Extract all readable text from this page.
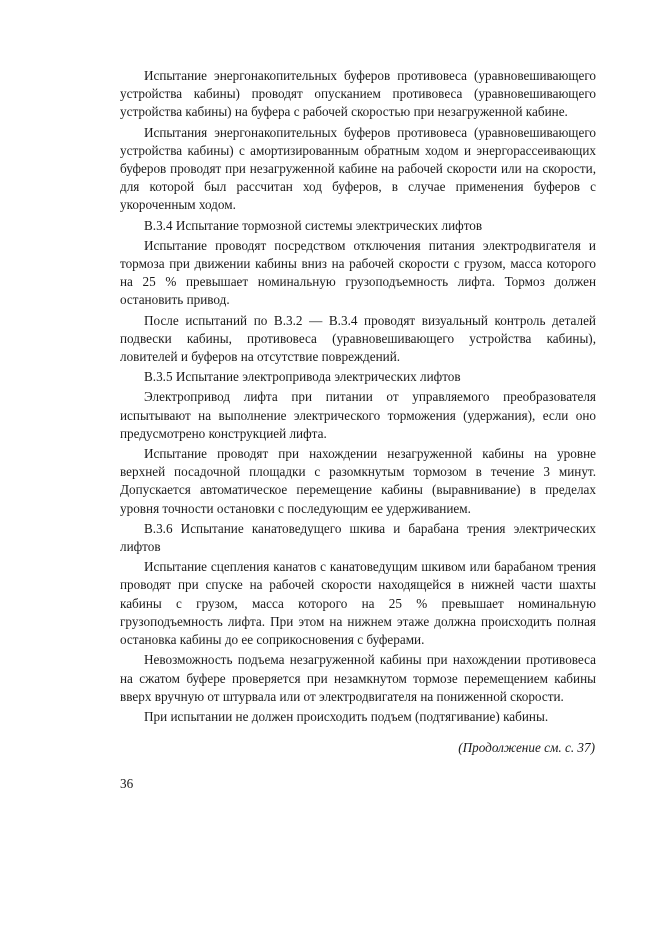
Испытание энергонакопительных буферов противовеса (уравновешивающего устройства кабины) проводят опусканием противовеса (уравновешивающего устройства кабины) на буфера с рабочей скоростью при незагруженной кабине.

Испытания энергонакопительных буферов противовеса (уравновешивающего устройства кабины) с амортизированным обратным ходом и энергорассеивающих буферов проводят при незагруженной кабине на рабочей скорости или на скорости, для которой был рассчитан ход буферов, в случае применения буферов с укороченным ходом.

В.3.4 Испытание тормозной системы электрических лифтов

Испытание проводят посредством отключения питания электродвигателя и тормоза при движении кабины вниз на рабочей скорости с грузом, масса которого на 25 % превышает номинальную грузоподъемность лифта. Тормоз должен остановить привод.

После испытаний по В.3.2 — В.3.4 проводят визуальный контроль деталей подвески кабины, противовеса (уравновешивающего устройства кабины), ловителей и буферов на отсутствие повреждений.

В.3.5 Испытание электропривода электрических лифтов

Электропривод лифта при питании от управляемого преобразователя испытывают на выполнение электрического торможения (удержания), если оно предусмотрено конструкцией лифта.

Испытание проводят при нахождении незагруженной кабины на уровне верхней посадочной площадки с разомкнутым тормозом в течение 3 минут. Допускается автоматическое перемещение кабины (выравнивание) в пределах уровня точности остановки с последующим ее удерживанием.

В.3.6 Испытание канатоведущего шкива и барабана трения электрических лифтов

Испытание сцепления канатов с канатоведущим шкивом или барабаном трения проводят при спуске на рабочей скорости находящейся в нижней части шахты кабины с грузом, масса которого на 25 % превышает номинальную грузоподъемность лифта. При этом на нижнем этаже должна происходить полная остановка кабины до ее соприкосновения с буферами.

Невозможность подъема незагруженной кабины при нахождении противовеса на сжатом буфере проверяется при незамкнутом тормозе перемещением кабины вверх вручную от штурвала или от электродвигателя на пониженной скорости.

При испытании не должен происходить подъем (подтягивание) кабины.

(Продолжение см. с. 37)
36
